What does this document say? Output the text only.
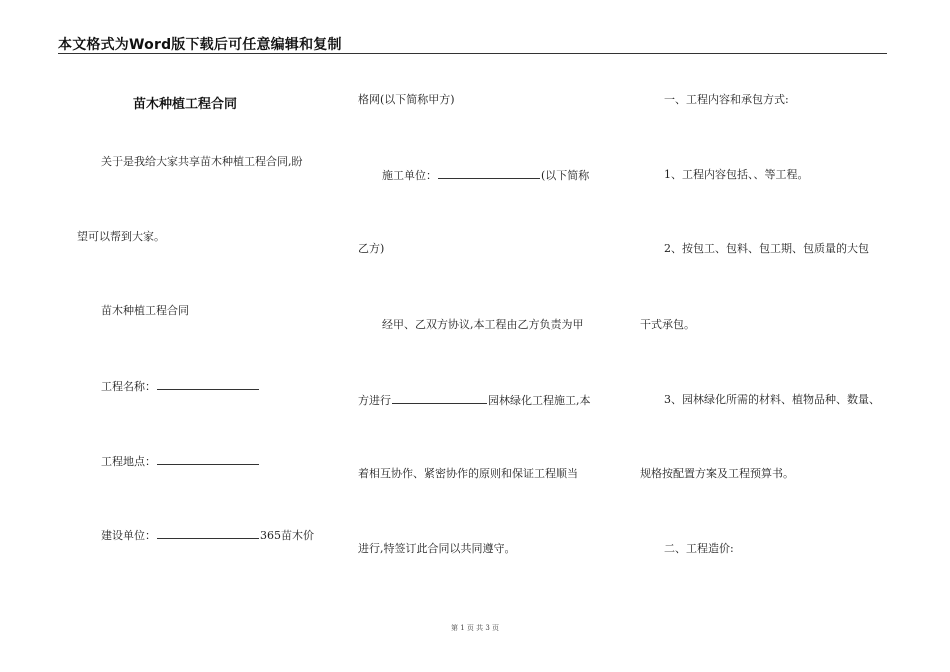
本文格式为Word版下载后可任意编辑和复制
苗木种植工程合同
关于是我给大家共享苗木种植工程合同,盼
望可以帮到大家。
苗木种植工程合同
工程名称：
工程地点：
建设单位：	365苗木价
格网(以下简称甲方)
施工单位：	(以下简称
乙方)
经甲、乙双方协议,本工程由乙方负责为甲
方进行	园林绿化工程施工,本
着相互协作、紧密协作的原则和保证工程顺当
进行,特签订此合同以共同遵守。
一、工程内容和承包方式:
1、工程内容包括、、等工程。
2、按包工、包料、包工期、包质量的大包
干式承包。
3、园林绿化所需的材料、植物品种、数量、
规格按配置方案及工程预算书。
二、工程造价:
第 1 页 共 3 页
